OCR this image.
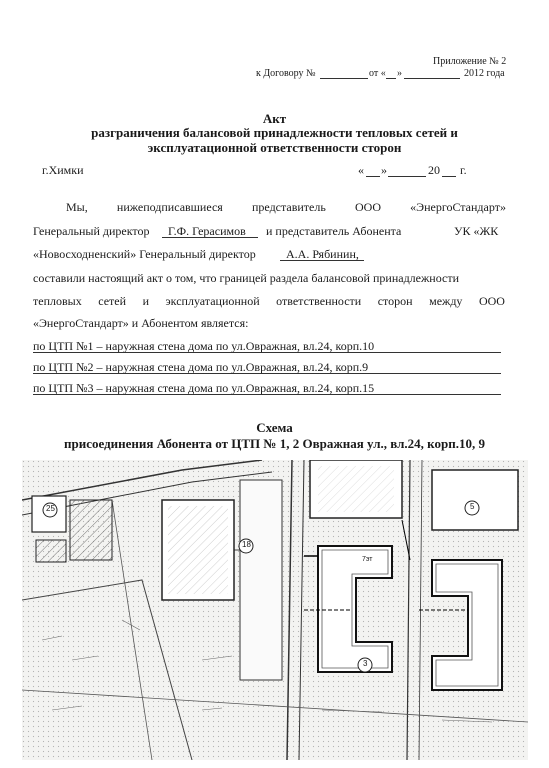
Приложение № 2
к Договору №	от « »	2012 года
Акт
разграничения балансовой принадлежности тепловых сетей и
эксплуатационной ответственности сторон
г.Химки	« »	20 г.
Мы, нижеподписавшиеся представитель ООО «ЭнергоСтандарт»
Генеральный директор Г.Ф. Герасимов и представитель Абонента	УК «ЖК
«Новосходненский» Генеральный директор	А.А. Рябинин,
составили настоящий акт о том, что границей раздела балансовой принадлежности
тепловых сетей и эксплуатационной ответственности сторон между ООО
«ЭнергоСтандарт» и Абонентом является:
по ЦТП №1 – наружная стена дома по ул.Овражная, вл.24, корп.10
по ЦТП №2 – наружная стена дома по ул.Овражная, вл.24, корп.9
по ЦТП №3 – наружная стена дома по ул.Овражная, вл.24, корп.15
Схема
присоединения Абонента от ЦТП № 1, 2 Овражная ул., вл.24, корп.10, 9
25
18
5
3
7эт
